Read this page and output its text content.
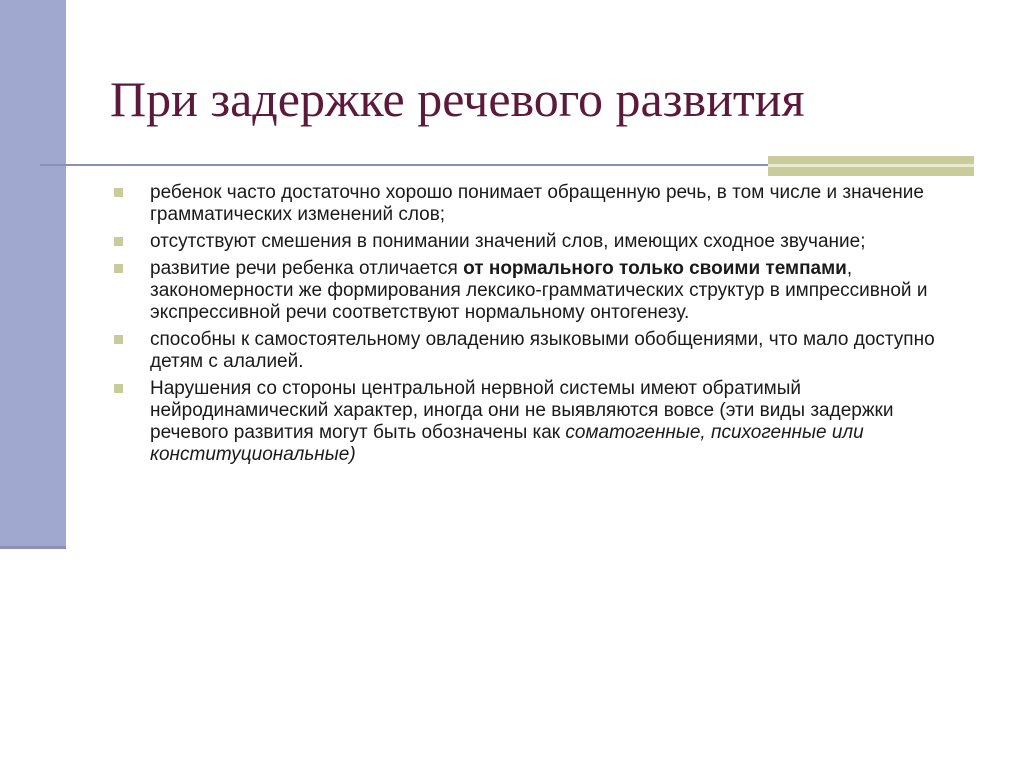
При задержке речевого развития
ребенок часто достаточно хорошо понимает обращенную речь, в том числе и значение грамматических изменений слов;
отсутствуют смешения в понимании значений слов, имеющих сходное звучание;
развитие речи ребенка отличается от нормального только своими темпами, закономерности же формирования лексико-грамматических структур в импрессивной и экспрессивной речи соответствуют нормальному онтогенезу.
способны к самостоятельному овладению языковыми обобщениями, что мало доступно детям с алалией.
Нарушения со стороны центральной нервной системы имеют обратимый нейродинамический характер, иногда они не выявляются вовсе (эти виды задержки речевого развития могут быть обозначены как соматогенные, психогенные или конституциональные)
